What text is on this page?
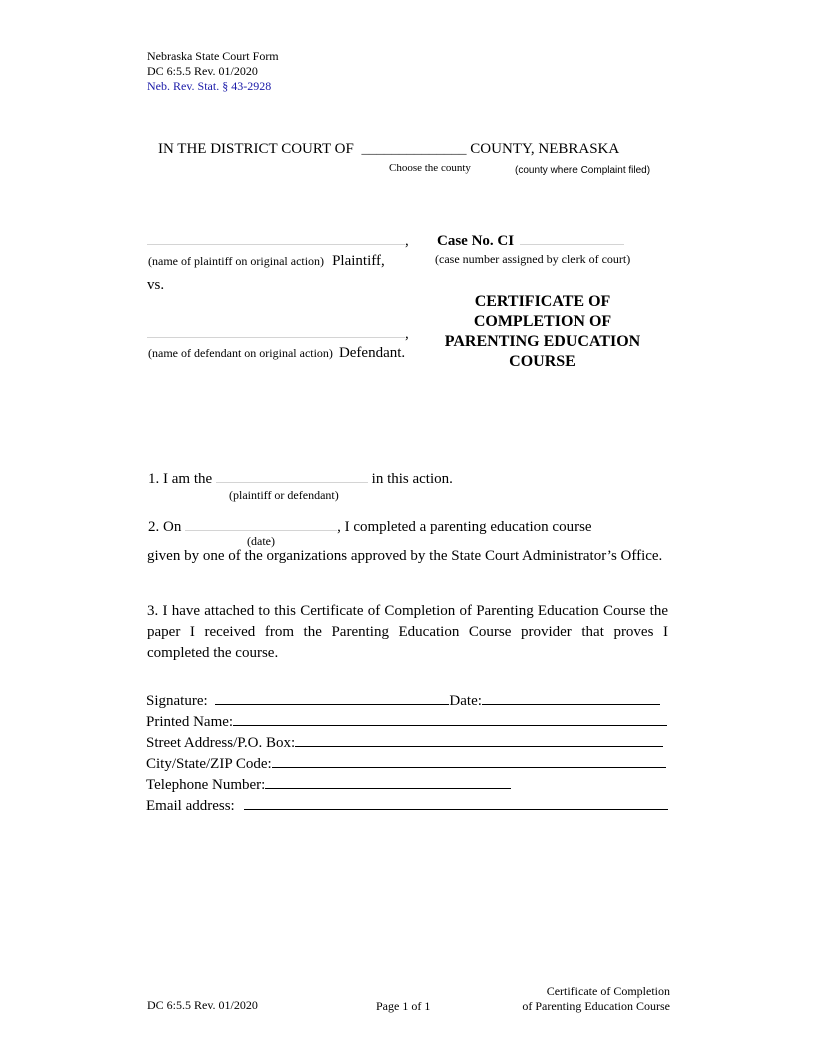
Nebraska State Court Form
DC 6:5.5 Rev. 01/2020
Neb. Rev. Stat. § 43-2928
IN THE DISTRICT COURT OF ______________ COUNTY, NEBRASKA
Choose the county	(county where Complaint filed)
,
(name of plaintiff on original action) Plaintiff,
vs.
,
(name of defendant on original action) Defendant.
Case No. CI
(case number assigned by clerk of court)
CERTIFICATE OF
COMPLETION OF
PARENTING EDUCATION
COURSE
1. I am the	in this action.
(plaintiff or defendant)
2. On	, I completed a parenting education course
(date)
given by one of the organizations approved by the State Court Administrator’s Office.
3. I have attached to this Certificate of Completion of Parenting Education Course the paper I received from the Parenting Education Course provider that proves I completed the course.
Signature:	Date:
Printed Name:
Street Address/P.O. Box:
City/State/ZIP Code:
Telephone Number:
Email address:
DC 6:5.5 Rev. 01/2020	Page 1 of 1
Certificate of Completion
of Parenting Education Course
